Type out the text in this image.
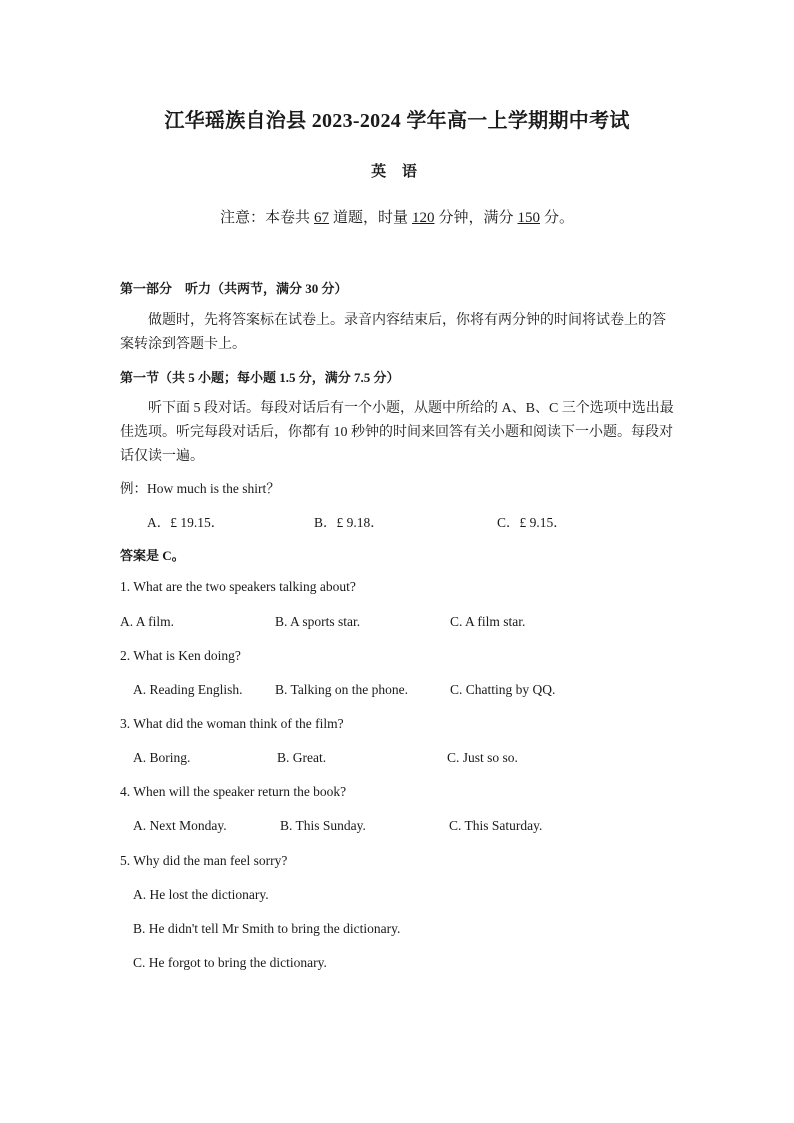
江华瑶族自治县 2023-2024 学年高一上学期期中考试
英 语
注意：本卷共 67 道题，时量 120 分钟，满分 150 分。
第一部分　听力（共两节，满分 30 分）
做题时，先将答案标在试卷上。录音内容结束后，你将有两分钟的时间将试卷上的答案转涂到答题卡上。
第一节（共 5 小题；每小题 1.5 分，满分 7.5 分）
听下面 5 段对话。每段对话后有一个小题，从题中所给的 A、B、C 三个选项中选出最佳选项。听完每段对话后，你都有 10 秒钟的时间来回答有关小题和阅读下一小题。每段对话仅读一遍。
例：How much is the shirt？
A．£ 19.15．	B．£ 9.18．	C．£ 9.15．
答案是 C。
1. What are the two speakers talking about?
A. A film.	B. A sports star.	C. A film star.
2. What is Ken doing?
A. Reading English. B. Talking on the phone.	C. Chatting by QQ.
3. What did the woman think of the film?
A. Boring.	B. Great.	C. Just so so.
4. When will the speaker return the book?
A. Next Monday.	B. This Sunday.	C. This Saturday.
5. Why did the man feel sorry?
A. He lost the dictionary.
B. He didn't tell Mr Smith to bring the dictionary.
C. He forgot to bring the dictionary.
